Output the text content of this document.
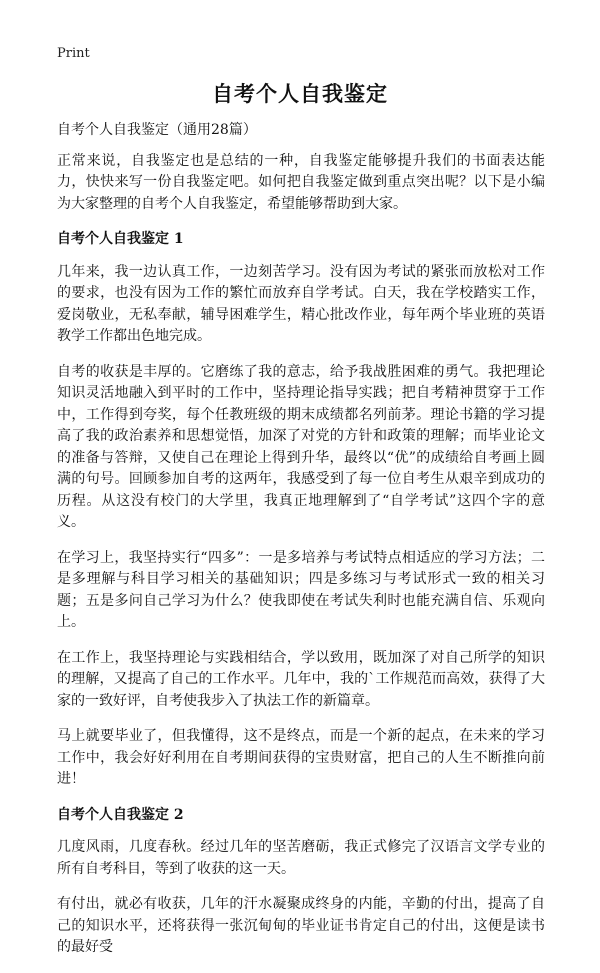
Print
自考个人自我鉴定

自考个人自我鉴定（通用28篇）

正常来说，自我鉴定也是总结的一种，自我鉴定能够提升我们的书面表达能力，快快来写一份自我鉴定吧。如何把自我鉴定做到重点突出呢？以下是小编为大家整理的自考个人自我鉴定，希望能够帮助到大家。

自考个人自我鉴定 1

几年来，我一边认真工作，一边刻苦学习。没有因为考试的紧张而放松对工作的要求，也没有因为工作的繁忙而放弃自学考试。白天，我在学校踏实工作，爱岗敬业，无私奉献，辅导困难学生，精心批改作业，每年两个毕业班的英语教学工作都出色地完成。

自考的收获是丰厚的。它磨练了我的意志，给予我战胜困难的勇气。我把理论知识灵活地融入到平时的工作中，坚持理论指导实践；把自考精神贯穿于工作中，工作得到夸奖，每个任教班级的期末成绩都名列前茅。理论书籍的学习提高了我的政治素养和思想觉悟，加深了对党的方针和政策的理解；而毕业论文的准备与答辩，又使自己在理论上得到升华，最终以“优”的成绩给自考画上圆满的句号。回顾参加自考的这两年，我感受到了每一位自考生从艰辛到成功的历程。从这没有校门的大学里，我真正地理解到了“自学考试”这四个字的意义。

在学习上，我坚持实行“四多”：一是多培养与考试特点相适应的学习方法；二是多理解与科目学习相关的基础知识；四是多练习与考试形式一致的相关习题；五是多问自己学习为什么？使我即使在考试失利时也能充满自信、乐观向上。

在工作上，我坚持理论与实践相结合，学以致用，既加深了对自己所学的知识的理解，又提高了自己的工作水平。几年中，我的`工作规范而高效，获得了大家的一致好评，自考使我步入了执法工作的新篇章。

马上就要毕业了，但我懂得，这不是终点，而是一个新的起点，在未来的学习工作中，我会好好利用在自考期间获得的宝贵财富，把自己的人生不断推向前进！

自考个人自我鉴定 2

几度风雨，几度春秋。经过几年的坚苦磨砺，我正式修完了汉语言文学专业的所有自考科目，等到了收获的这一天。

有付出，就必有收获，几年的汗水凝聚成终身的内能，辛勤的付出，提高了自己的知识水平，还将获得一张沉甸甸的毕业证书肯定自己的付出，这便是读书的最好受
